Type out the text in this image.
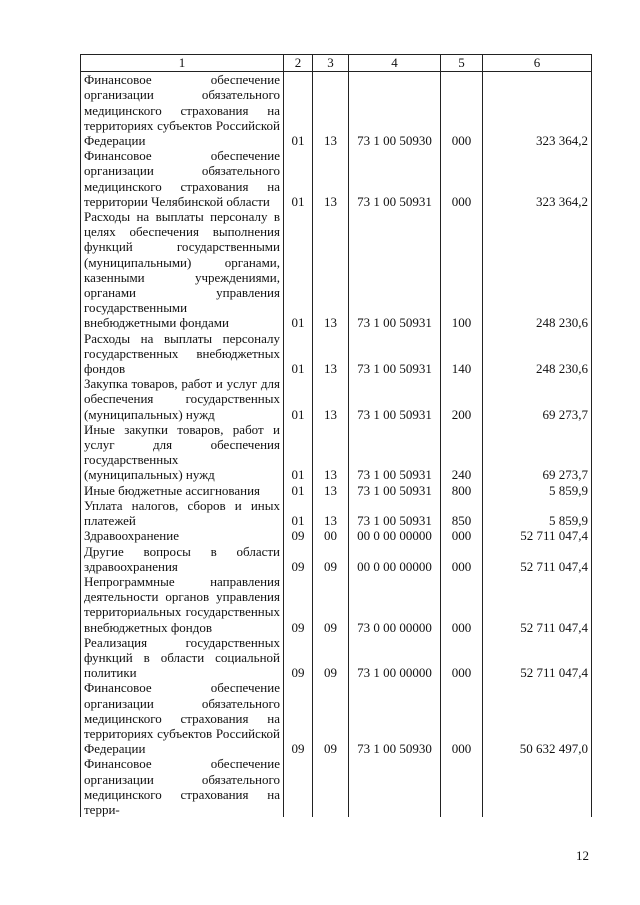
1	2	3	4	5	6
Финансовое обеспечение организации обязательного медицинского страхования на территориях субъектов Российской Федерации	01	13	73 1 00 50930	000	323 364,2
Финансовое обеспечение организации обязательного медицинского страхования на территории Челябинской области	01	13	73 1 00 50931	000	323 364,2
Расходы на выплаты персоналу в целях обеспечения выполнения функций государственными (муниципальными) органами, казенными учреждениями, органами управления государственными внебюджетными фондами	01	13	73 1 00 50931	100	248 230,6
Расходы на выплаты персоналу государственных внебюджетных фондов	01	13	73 1 00 50931	140	248 230,6
Закупка товаров, работ и услуг для обеспечения государственных (муниципальных) нужд	01	13	73 1 00 50931	200	69 273,7
Иные закупки товаров, работ и услуг для обеспечения государственных (муниципальных) нужд	01	13	73 1 00 50931	240	69 273,7
Иные бюджетные ассигнования	01	13	73 1 00 50931	800	5 859,9
Уплата налогов, сборов и иных платежей	01	13	73 1 00 50931	850	5 859,9
Здравоохранение	09	00	00 0 00 00000	000	52 711 047,4
Другие вопросы в области здравоохранения	09	09	00 0 00 00000	000	52 711 047,4
Непрограммные направления деятельности органов управления территориальных государственных внебюджетных фондов	09	09	73 0 00 00000	000	52 711 047,4
Реализация государственных функций в области социальной политики	09	09	73 1 00 00000	000	52 711 047,4
Финансовое обеспечение организации обязательного медицинского страхования на территориях субъектов Российской Федерации	09	09	73 1 00 50930	000	50 632 497,0
Финансовое обеспечение организации обязательного медицинского страхования на терри-					
12
